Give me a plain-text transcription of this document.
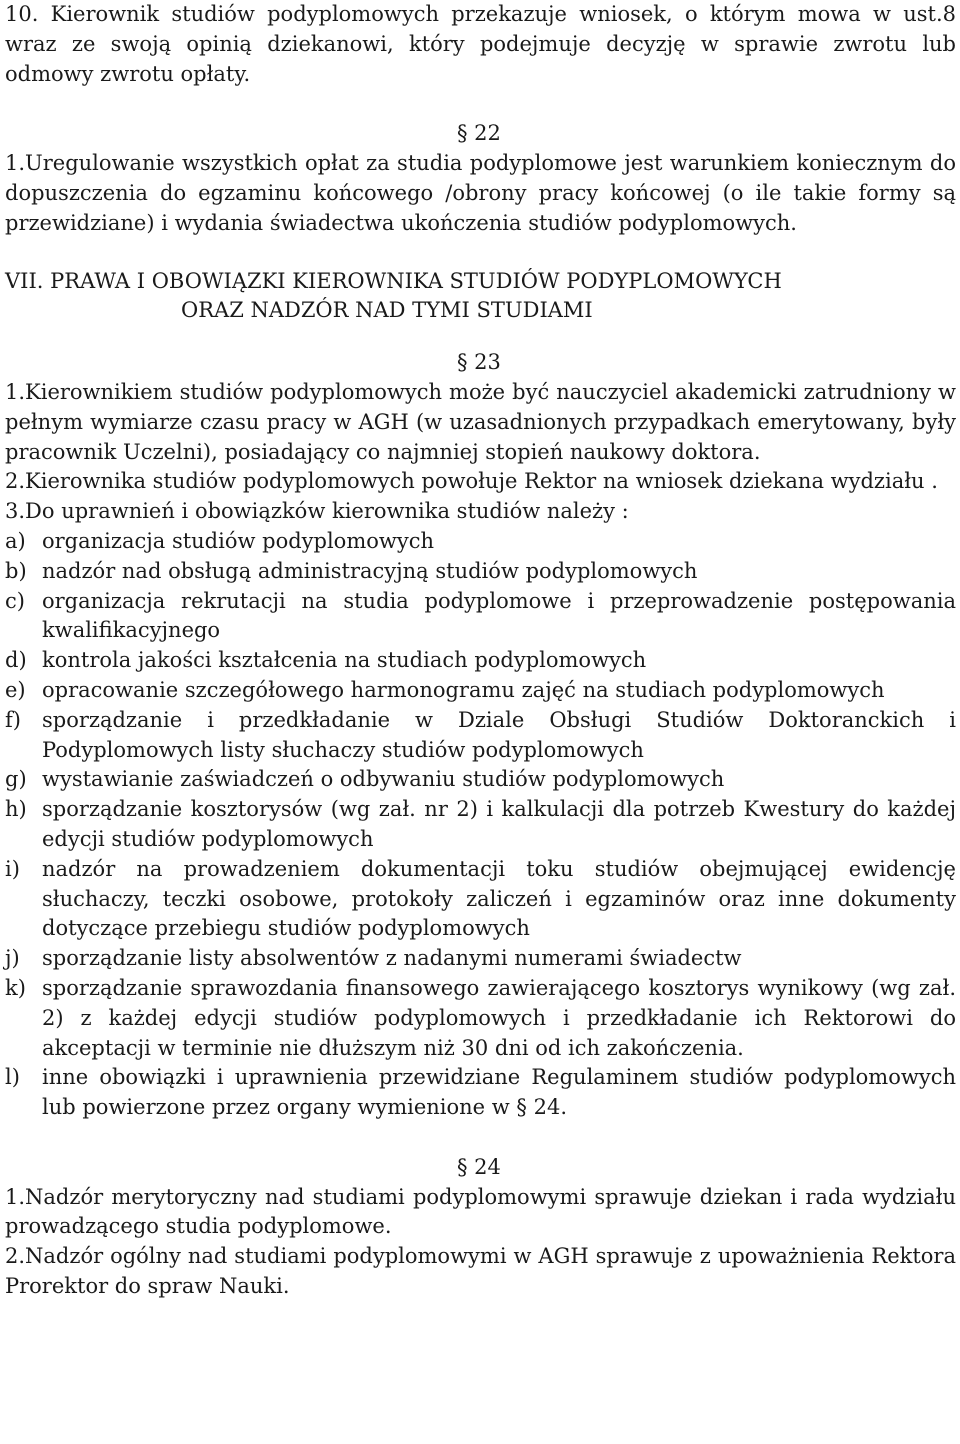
10. Kierownik studiów podyplomowych przekazuje wniosek, o którym mowa w ust.8 wraz ze swoją opinią dziekanowi, który podejmuje decyzję w sprawie zwrotu lub odmowy zwrotu opłaty.

§ 22

1.Uregulowanie wszystkich opłat za studia podyplomowe jest warunkiem koniecznym do dopuszczenia do egzaminu końcowego /obrony pracy końcowej (o ile takie formy są przewidziane) i wydania świadectwa ukończenia studiów podyplomowych.

VII. PRAWA I OBOWIĄZKI KIEROWNIKA STUDIÓW PODYPLOMOWYCH
ORAZ NADZÓR NAD TYMI STUDIAMI

§ 23

1.Kierownikiem studiów podyplomowych może być nauczyciel akademicki zatrudniony w pełnym wymiarze czasu pracy w AGH (w uzasadnionych przypadkach emerytowany, były pracownik Uczelni), posiadający co najmniej stopień naukowy doktora.

2.Kierownika studiów podyplomowych powołuje Rektor na wniosek dziekana wydziału .

3.Do uprawnień i obowiązków kierownika studiów należy :

a) organizacja studiów podyplomowych
b) nadzór nad obsługą administracyjną studiów podyplomowych
c) organizacja rekrutacji na studia podyplomowe i przeprowadzenie postępowania kwalifikacyjnego
d) kontrola jakości kształcenia na studiach podyplomowych
e) opracowanie szczegółowego harmonogramu zajęć na studiach podyplomowych
f)	sporządzanie i przedkładanie w Dziale Obsługi Studiów Doktoranckich i Podyplomowych listy słuchaczy studiów podyplomowych
g) wystawianie zaświadczeń o odbywaniu studiów podyplomowych
h) sporządzanie kosztorysów (wg zał. nr 2) i kalkulacji dla potrzeb Kwestury do każdej edycji studiów podyplomowych
i)	nadzór na prowadzeniem dokumentacji toku studiów obejmującej ewidencję słuchaczy, teczki osobowe, protokoły zaliczeń i egzaminów oraz inne dokumenty dotyczące przebiegu studiów podyplomowych
j)	sporządzanie listy absolwentów z nadanymi numerami świadectw
k) sporządzanie sprawozdania finansowego zawierającego kosztorys wynikowy (wg zał. 2) z każdej edycji studiów podyplomowych i przedkładanie ich Rektorowi do akceptacji w terminie nie dłuższym niż 30 dni od ich zakończenia.
l)	inne obowiązki i uprawnienia przewidziane Regulaminem studiów podyplomowych lub powierzone przez organy wymienione w § 24.

§ 24

1.Nadzór merytoryczny nad studiami podyplomowymi sprawuje dziekan i rada wydziału prowadzącego studia podyplomowe.

2.Nadzór ogólny nad studiami podyplomowymi w AGH sprawuje z upoważnienia Rektora Prorektor do spraw Nauki.
